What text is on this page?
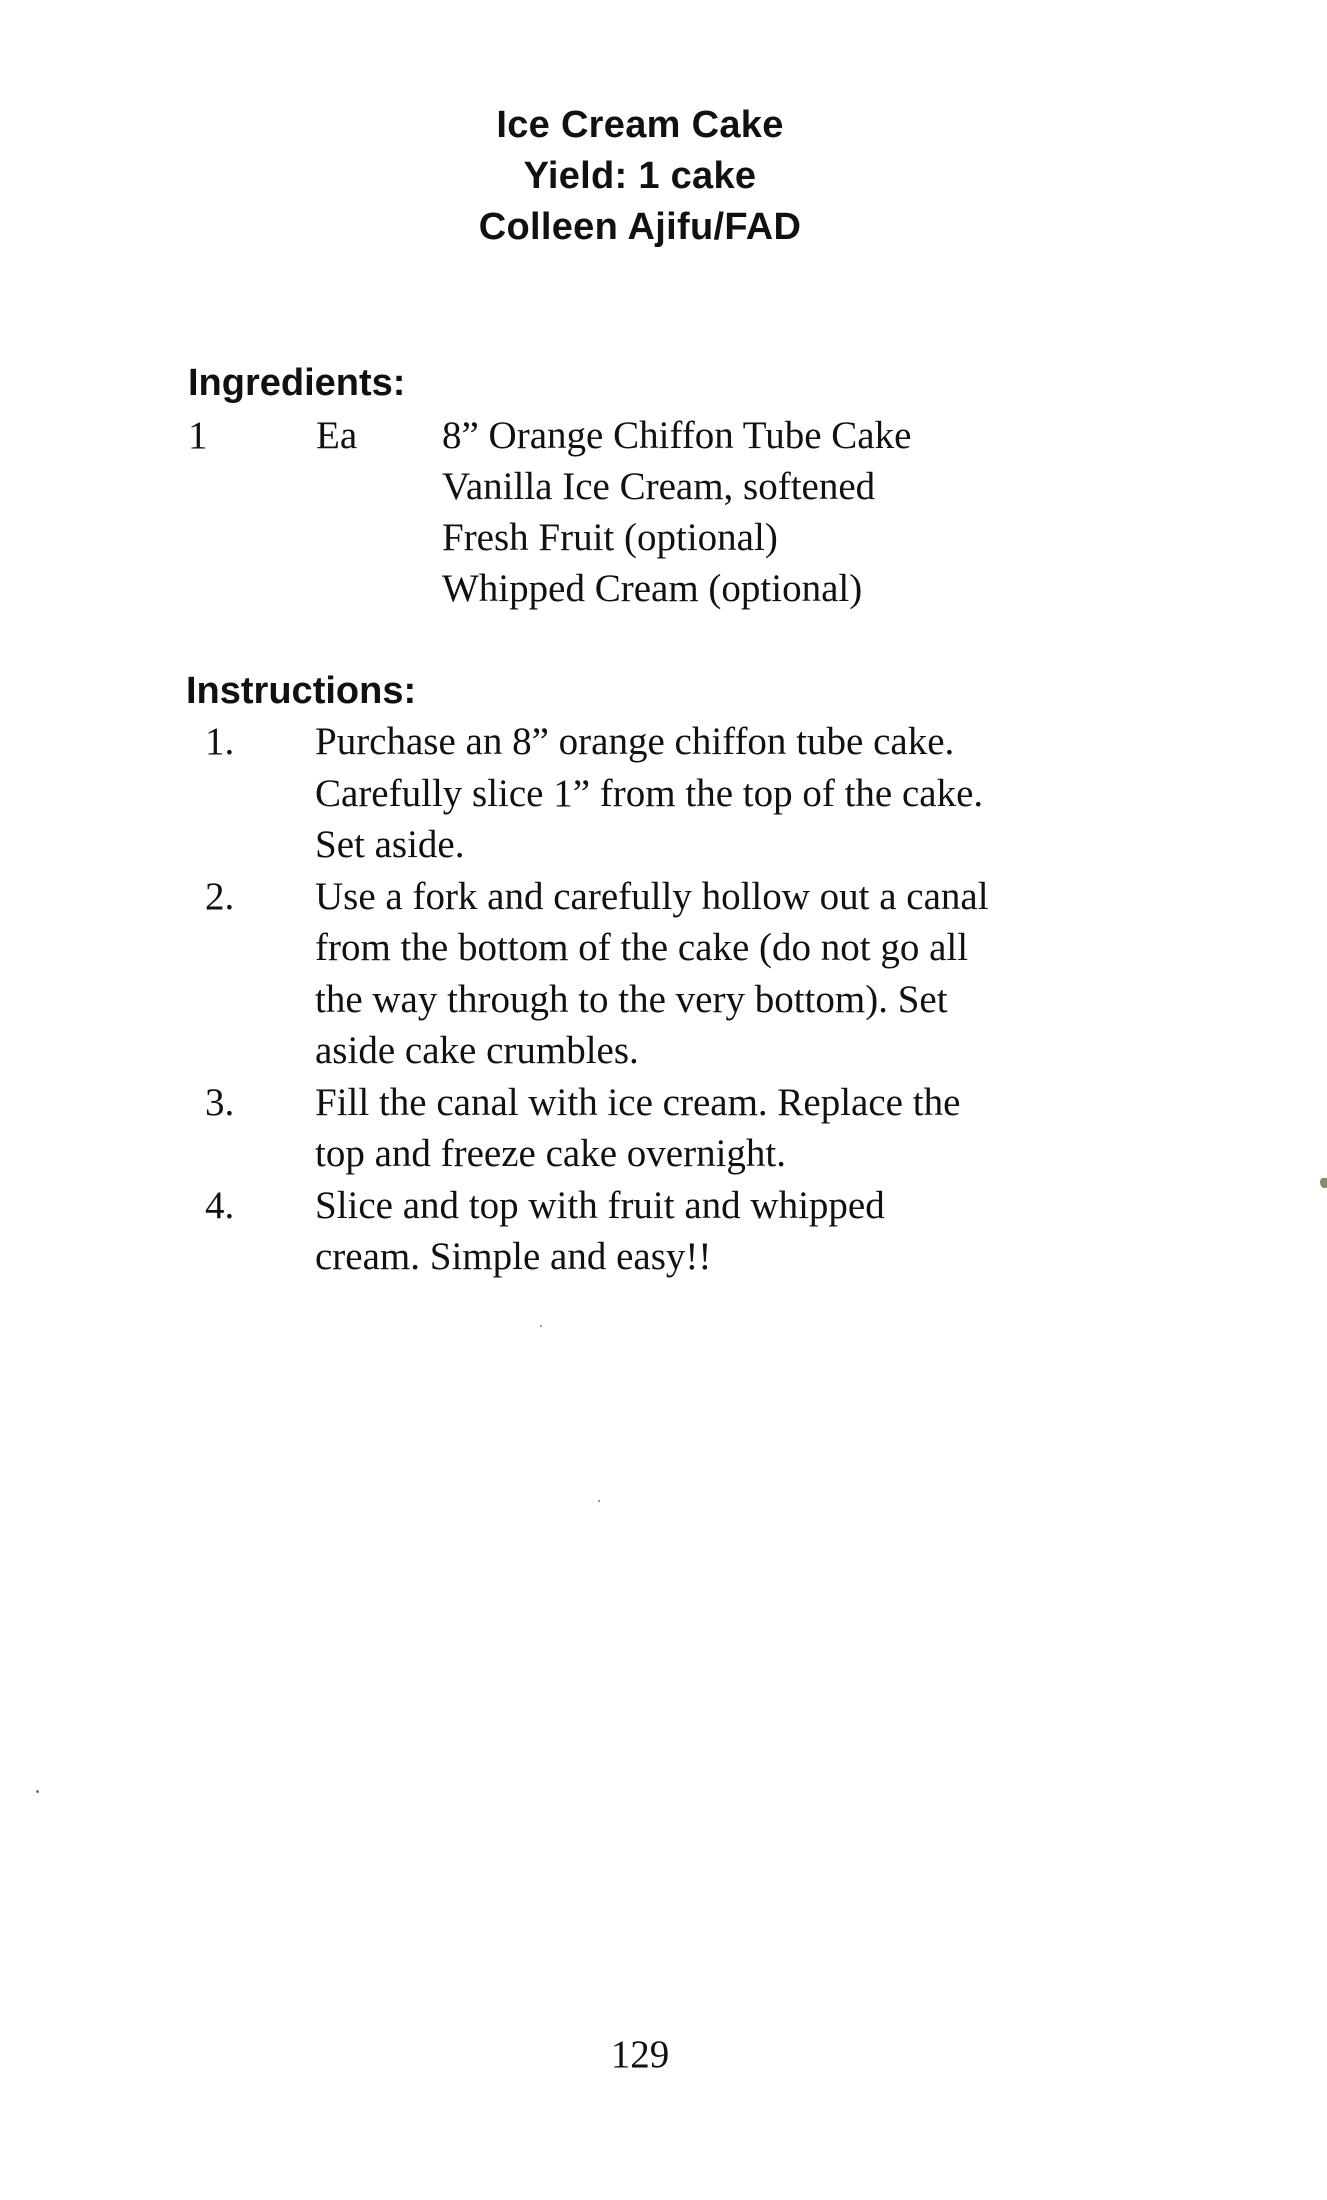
Ice Cream Cake
Yield: 1 cake
Colleen Ajifu/FAD
Ingredients:
1	Ea 8” Orange Chiffon Tube Cake
Vanilla Ice Cream, softened
Fresh Fruit (optional)
Whipped Cream (optional)
Instructions:
1. Purchase an 8” orange chiffon tube cake.
Carefully slice 1” from the top of the cake.
Set aside.
2. Use a fork and carefully hollow out a canal
from the bottom of the cake (do not go all
the way through to the very bottom). Set
aside cake crumbles.
3. Fill the canal with ice cream. Replace the
top and freeze cake overnight.
4. Slice and top with fruit and whipped
cream. Simple and easy!!
129
